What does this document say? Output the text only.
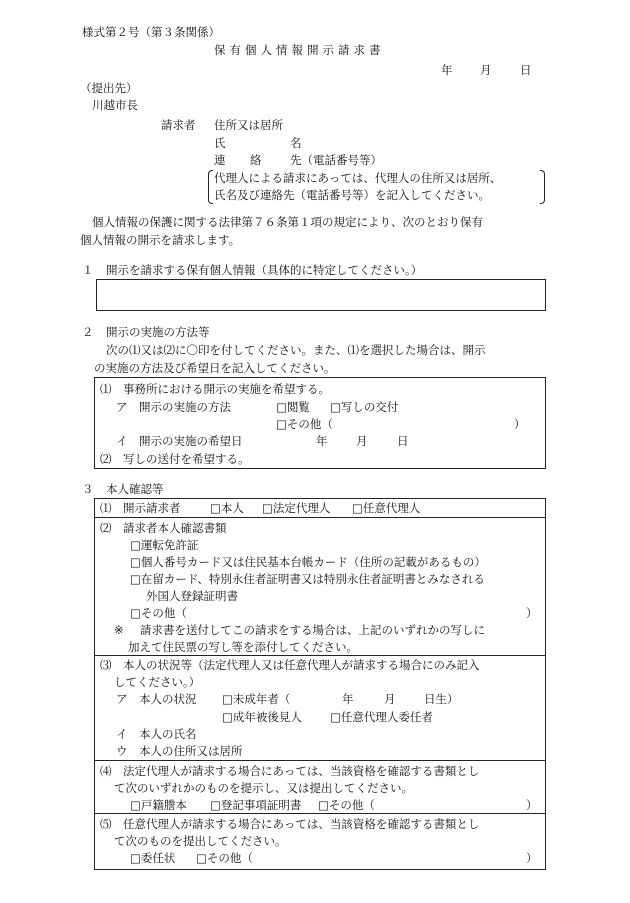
様式第２号（第３条関係）
保有個人情報開示請求書
年 月 日
（提出先）
川越市長
請求者 住所又は居所
氏	名
連 絡 先（電話番号等）
代理人による請求にあっては、代理人の住所又は居所、
氏名及び連絡先（電話番号等）を記入してください。
個人情報の保護に関する法律第７６条第１項の規定により、次のとおり保有
個人情報の開示を請求します。
１ 開示を請求する保有個人情報（具体的に特定してください。）
２ 開示の実施の方法等
次の⑴又は⑵に〇印を付してください。また、⑴を選択した場合は、開示
の実施の方法及び希望日を記入してください。
⑴　事務所における開示の実施を希望する。
ア　開示の実施の方法	□閲覧 □写しの交付
□その他（	）
イ　開示の実施の希望日	年 月	日
⑵　写しの送付を希望する。
３ 本人確認等
⑴　開示請求者	□本人 □法定代理人 □任意代理人
⑵　請求者本人確認書類
□運転免許証
□個人番号カード又は住民基本台帳カード（住所の記載があるもの）
□在留カード、特別永住者証明書又は特別永住者証明書とみなされる
外国人登録証明書
□その他（	）
※ 請求書を送付してこの請求をする場合は、上記のいずれかの写しに
加えて住民票の写し等を添付してください。
⑶　本人の状況等（法定代理人又は任意代理人が請求する場合にのみ記入
してください。）
ア　本人の状況 □未成年者（	年	月 日生）
□成年被後見人 □任意代理人委任者
イ　本人の氏名
ウ　本人の住所又は居所
⑷　法定代理人が請求する場合にあっては、当該資格を確認する書類とし
て次のいずれかのものを提示し、又は提出してください。
□戸籍謄本 □登記事項証明書 □その他（	）
⑸　任意代理人が請求する場合にあっては、当該資格を確認する書類とし
て次のものを提出してください。
□委任状 □その他（	）
